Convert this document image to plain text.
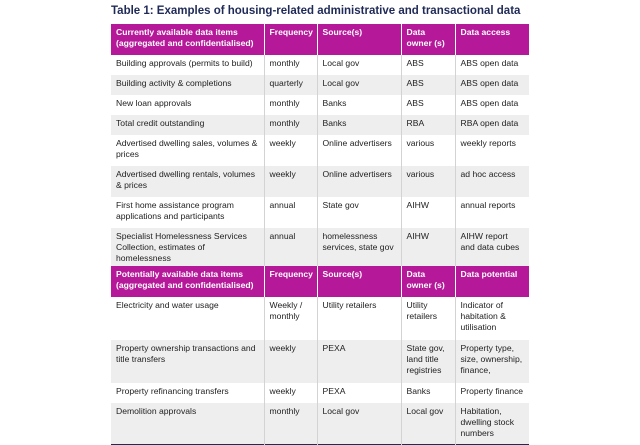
Table 1: Examples of housing-related administrative and transactional data
Currently available data items (aggregated and confidentialised)	Frequency	Source(s)	Data owner (s)	Data access
Building approvals (permits to build)	monthly	Local gov	ABS	ABS open data
Building activity & completions	quarterly	Local gov	ABS	ABS open data
New loan approvals	monthly	Banks	ABS	ABS open data
Total credit outstanding	monthly	Banks	RBA	RBA open data
Advertised dwelling sales, volumes & prices	weekly	Online advertisers	various	weekly reports
Advertised dwelling rentals, volumes & prices	weekly	Online advertisers	various	ad hoc access
First home assistance program applications and participants	annual	State gov	AIHW	annual reports
Specialist Homelessness Services Collection, estimates of homelessness	annual	homelessness services, state gov	AIHW	AIHW report and data cubes
Potentially available data items (aggregated and confidentialised)	Frequency	Source(s)	Data owner (s)	Data potential
Electricity and water usage	Weekly / monthly	Utility retailers	Utility retailers	Indicator of habitation & utilisation
Property ownership transactions and title transfers	weekly	PEXA	State gov, land title registries	Property type, size, ownership, finance,
Property refinancing transfers	weekly	PEXA	Banks	Property finance
Demolition approvals	monthly	Local gov	Local gov	Habitation, dwelling stock numbers
